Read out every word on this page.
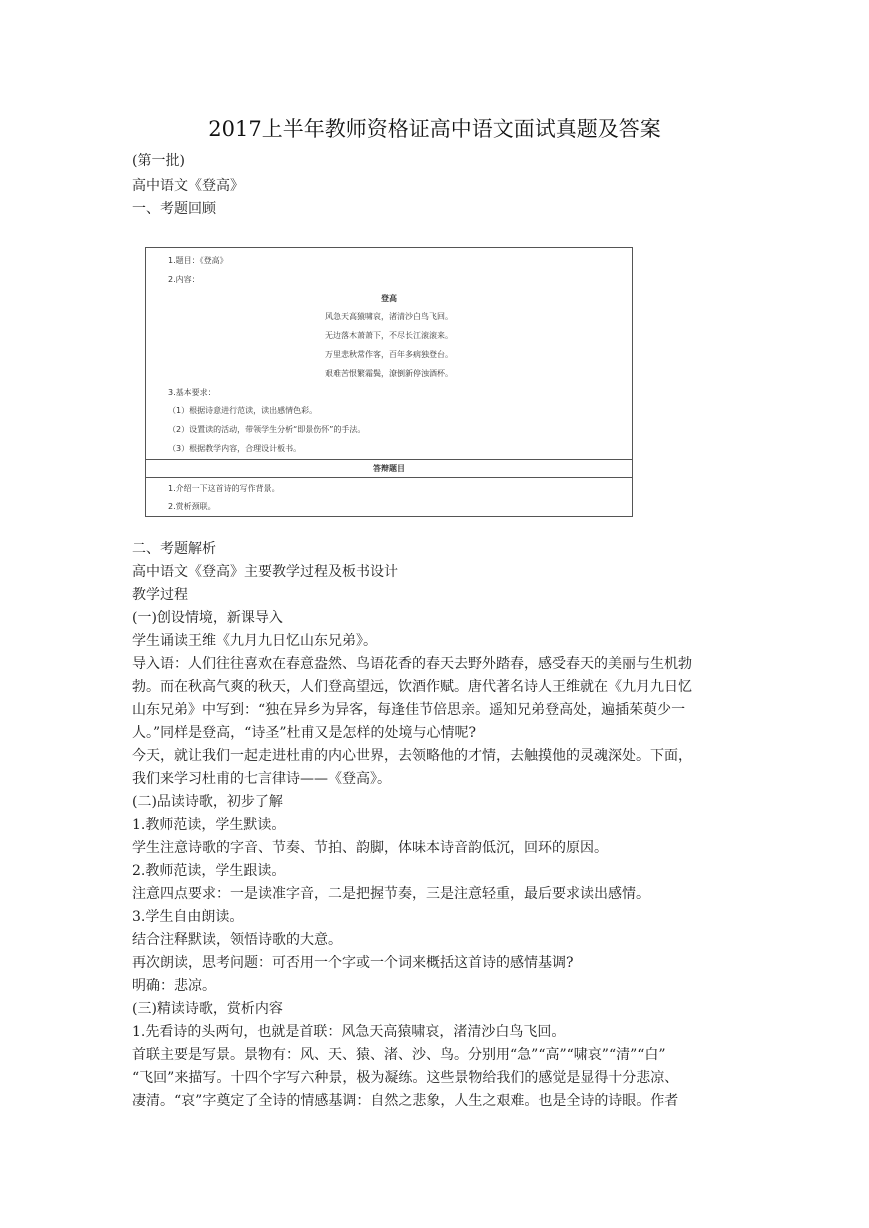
2017上半年教师资格证高中语文面试真题及答案
(第一批)
高中语文《登高》
一、考题回顾
1.题目：《登高》
2.内容：
登高
风急天高猿啸哀，渚清沙白鸟飞回。
无边落木萧萧下，不尽长江滚滚来。
万里悲秋常作客，百年多病独登台。
艰难苦恨繁霜鬓，潦倒新停浊酒杯。
3.基本要求：
（1）根据诗意进行范读，读出感情色彩。
（2）设置读的活动，带领学生分析“即景伤怀”的手法。
（3）根据教学内容，合理设计板书。
答辩题目
1.介绍一下这首诗的写作背景。
2.赏析颈联。
二、考题解析
高中语文《登高》主要教学过程及板书设计
教学过程
(一)创设情境，新课导入
学生诵读王维《九月九日忆山东兄弟》。
导入语：人们往往喜欢在春意盎然、鸟语花香的春天去野外踏春，感受春天的美丽与生机勃
勃。而在秋高气爽的秋天，人们登高望远，饮酒作赋。唐代著名诗人王维就在《九月九日忆
山东兄弟》中写到：“独在异乡为异客，每逢佳节倍思亲。遥知兄弟登高处，遍插茱萸少一
人。”同样是登高，“诗圣”杜甫又是怎样的处境与心情呢?
今天，就让我们一起走进杜甫的内心世界，去领略他的才情，去触摸他的灵魂深处。下面，
我们来学习杜甫的七言律诗——《登高》。
(二)品读诗歌，初步了解
1.教师范读，学生默读。
学生注意诗歌的字音、节奏、节拍、韵脚，体味本诗音韵低沉，回环的原因。
2.教师范读，学生跟读。
注意四点要求：一是读准字音，二是把握节奏，三是注意轻重，最后要求读出感情。
3.学生自由朗读。
结合注释默读，领悟诗歌的大意。
再次朗读，思考问题：可否用一个字或一个词来概括这首诗的感情基调?
明确：悲凉。
(三)精读诗歌，赏析内容
1.先看诗的头两句，也就是首联：风急天高猿啸哀，渚清沙白鸟飞回。
首联主要是写景。景物有：风、天、猿、渚、沙、鸟。分别用“急”“高”“啸哀”“清”“白”
“飞回”来描写。十四个字写六种景，极为凝练。这些景物给我们的感觉是显得十分悲凉、
凄清。“哀”字奠定了全诗的情感基调：自然之悲象，人生之艰难。也是全诗的诗眼。作者
